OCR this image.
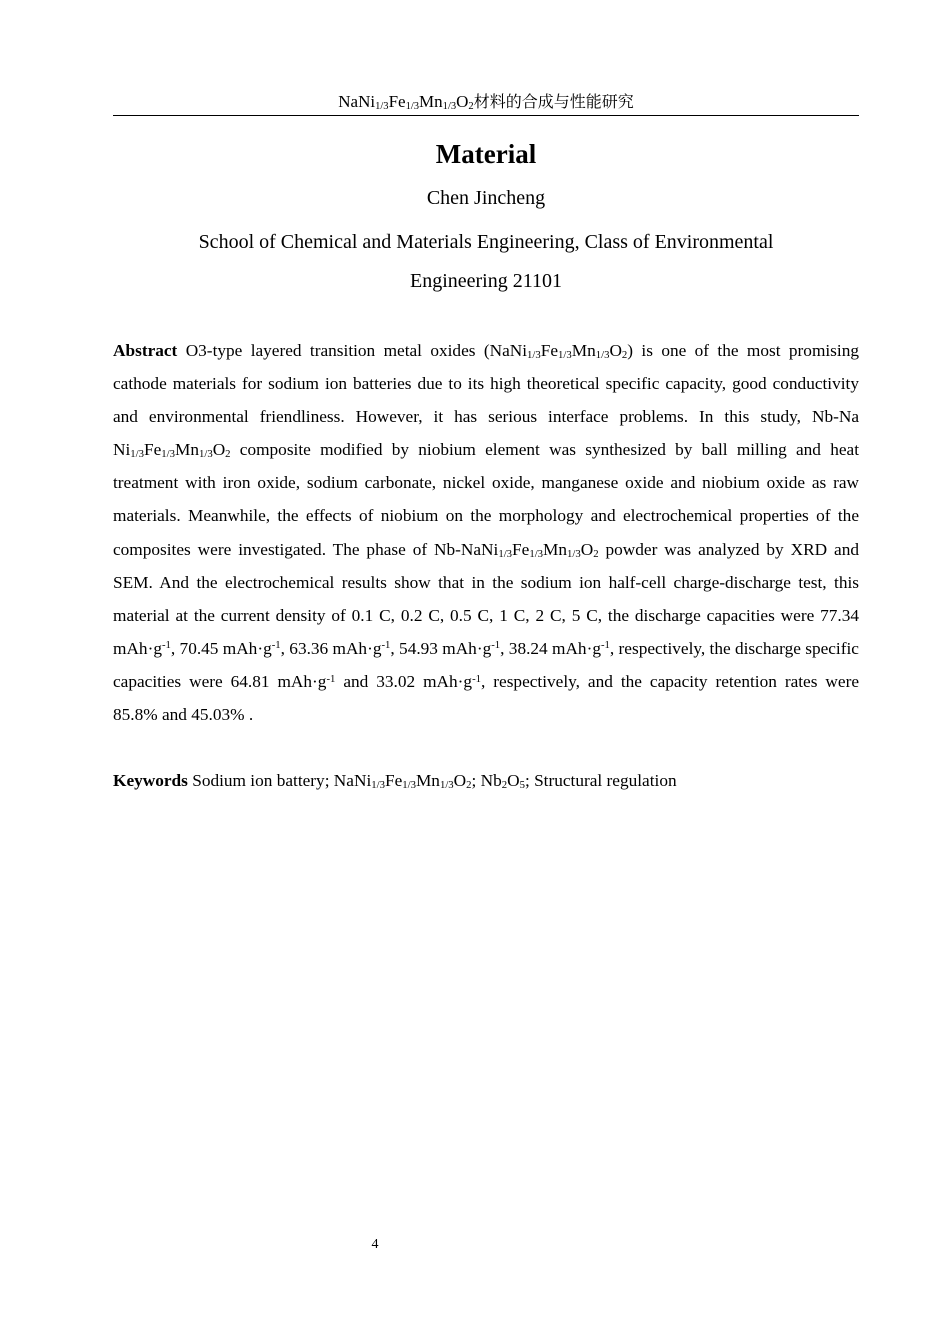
$NaNi_{1/3}Fe_{1/3}Mn_{1/3}O_2$材料的合成与性能研究
Material
Chen Jincheng
School of Chemical and Materials Engineering, Class of Environmental Engineering 21101

Abstract O3-type layered transition metal oxides $(NaNi_{1/3}Fe_{1/3}Mn_{1/3}O_2)$ is one of the most promising cathode materials for sodium ion batteries due to its high theoretical specific capacity, good conductivity and environmental friendliness. However, it has serious interface problems. In this study, Nb-Na $Ni_{1/3}Fe_{1/3}Mn_{1/3}O_2$ composite modified by niobium element was synthesized by ball milling and heat treatment with iron oxide, sodium carbonate, nickel oxide, manganese oxide and niobium oxide as raw materials. Meanwhile, the effects of niobium on the morphology and electrochemical properties of the composites were investigated. The phase of $Nb-NaNi_{1/3}Fe_{1/3}Mn_{1/3}O_2$ powder was analyzed by XRD and SEM. And the electrochemical results show that in the sodium ion half-cell charge-discharge test, this material at the current density of 0.1 C, 0.2 C, 0.5 C, 1 C, 2 C, 5 C, the discharge capacities were 77.34 $mAh\cdot g^{-1}$, 70.45 $mAh\cdot g^{-1}$, 63.36 $mAh\cdot g^{-1}$, 54.93 $mAh\cdot g^{-1}$, 38.24 $mAh\cdot g^{-1}$, respectively, the discharge specific capacities were 64.81 $mAh\cdot g^{-1}$ and 33.02 $mAh\cdot g^{-1}$, respectively, and the capacity retention rates were 85.8% and 45.03% .

Keywords Sodium ion battery; $NaNi_{1/3}Fe_{1/3}Mn_{1/3}O_2$; $Nb_2O_5$; Structural regulation

4
